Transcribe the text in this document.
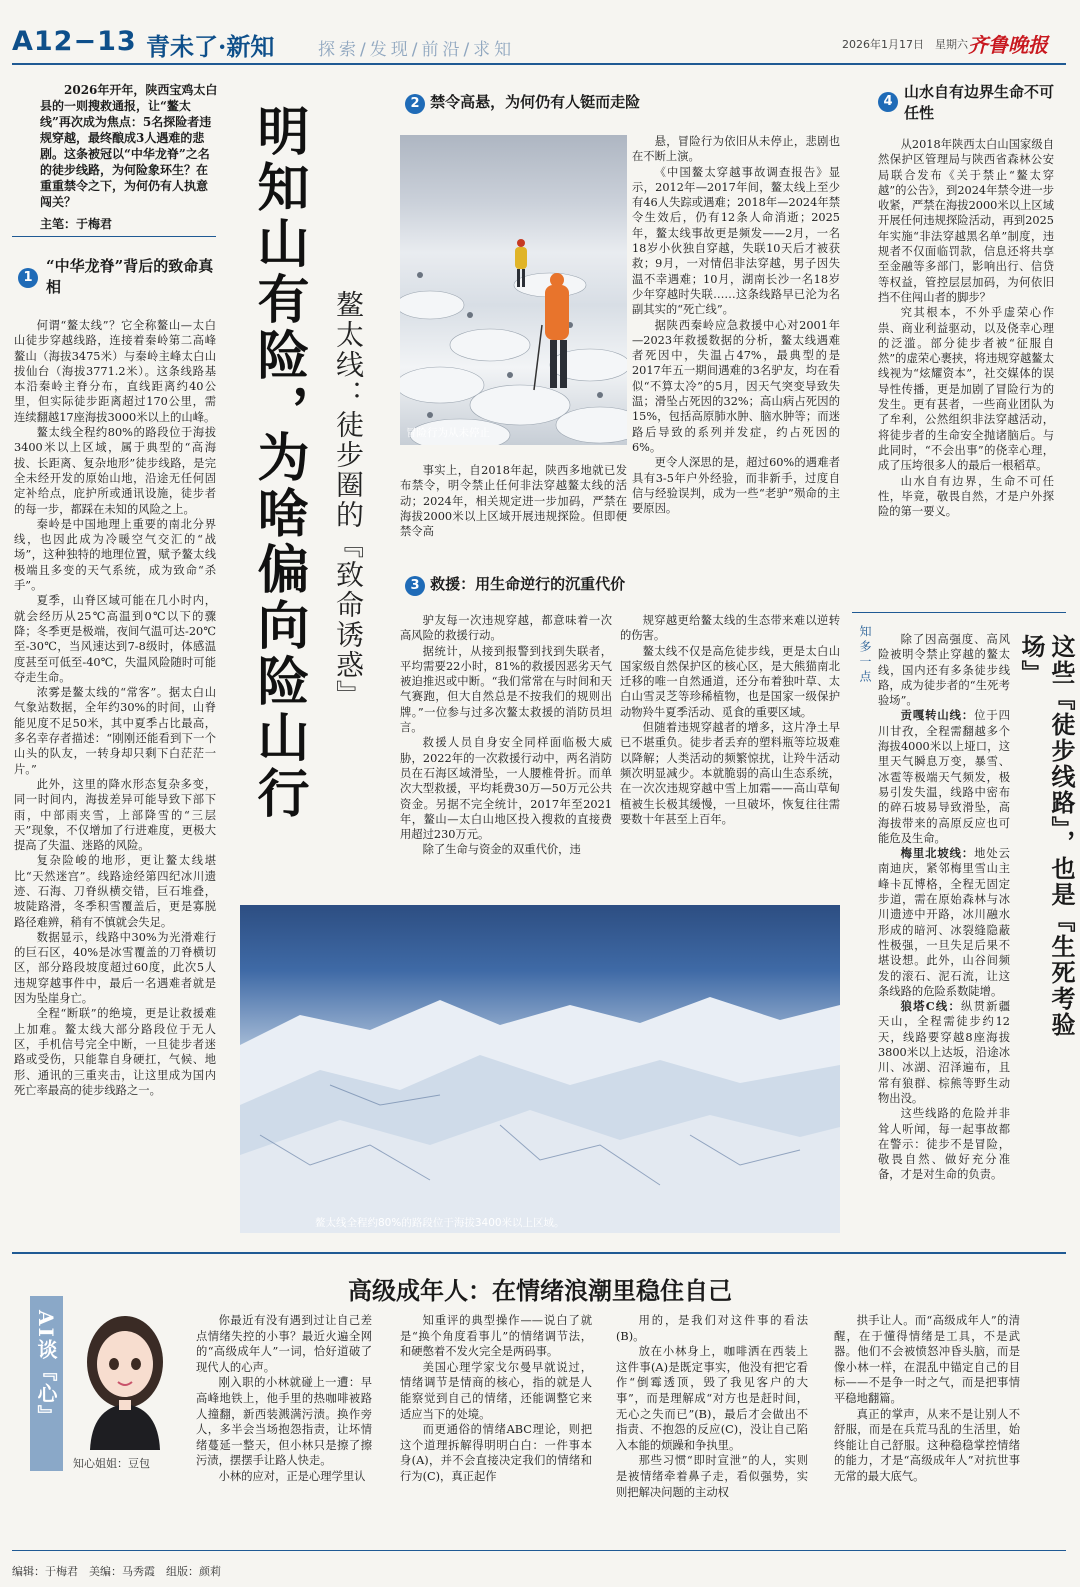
A12−13 青未了·新知	探索/发现/前沿/求知	2026年1月17日　星期六 齐鲁晚报

2026年开年，陕西宝鸡太白县的一则搜救通报，让“鳌太线”再次成为焦点：5名探险者违规穿越，最终酿成3人遇难的悲剧。这条被冠以“中华龙脊”之名的徒步线路，为何险象环生？在重重禁令之下，为何仍有人执意闯关？

主笔：于梅君
1
“中华龙脊”背后的致命真相

何谓“鳌太线”？它全称鳌山—太白山徒步穿越线路，连接着秦岭第二高峰鳌山（海拔3475米）与秦岭主峰太白山拔仙台（海拔3771.2米）。这条线路基本沿秦岭主脊分布，直线距离约40公里，但实际徒步距离超过170公里，需连续翻越17座海拔3000米以上的山峰。

鳌太线全程约80%的路段位于海拔3400米以上区域，属于典型的“高海拔、长距离、复杂地形”徒步线路，是完全未经开发的原始山地，沿途无任何固定补给点，庇护所或通讯设施，徒步者的每一步，都踩在未知的风险之上。

秦岭是中国地理上重要的南北分界线，也因此成为冷暖空气交汇的“战场”，这种独特的地理位置，赋予鳌太线极端且多变的天气系统，成为致命“杀手”。

夏季，山脊区域可能在几小时内，就会经历从25℃高温到0℃以下的骤降；冬季更是极端，夜间气温可达-20℃至-30℃，当风速达到7-8级时，体感温度甚至可低至-40℃，失温风险随时可能夺走生命。

浓雾是鳌太线的“常客”。据太白山气象站数据，全年约30%的时间，山脊能见度不足50米，其中夏季占比最高，多名幸存者描述：“刚刚还能看到下一个山头的队友，一转身却只剩下白茫茫一片。”

此外，这里的降水形态复杂多变，同一时间内，海拔差异可能导致下部下雨，中部雨夹雪，上部降雪的“三层天”现象，不仅增加了行进难度，更极大提高了失温、迷路的风险。

复杂险峻的地形，更让鳌太线堪比“天然迷宫”。线路途经第四纪冰川遗迹、石海、刀脊纵横交错，巨石堆叠，坡陡路滑，冬季积雪覆盖后，更是寡脱路径难辨，稍有不慎就会失足。

数据显示，线路中30%为光滑难行的巨石区，40%是冰雪覆盖的刀脊横切区，部分路段坡度超过60度，此次5人违规穿越事件中，最后一名遇难者就是因为坠崖身亡。

全程“断联”的绝境，更是让救援难上加难。鳌太线大部分路段位于无人区，手机信号完全中断，一旦徒步者迷路或受伤，只能靠自身硬扛，气候、地形、通讯的三重夹击，让这里成为国内死亡率最高的徒步线路之一。

明知山有险，
为啥偏向险山行 鳌太线：徒步圈的『致命诱惑』
2 禁令高悬，为何仍有人铤而走险
冒险行为从未停止

事实上，自2018年起，陕西多地就已发布禁令，明令禁止任何非法穿越鳌太线的活动；2024年，相关规定进一步加码，严禁在海拔2000米以上区域开展违规探险。但即便禁令高

悬，冒险行为依旧从未停止，悲剧也在不断上演。

《中国鳌太穿越事故调查报告》显示，2012年—2017年间，鳌太线上至少有46人失踪或遇难；2018年—2024年禁令生效后，仍有12条人命消逝；2025年，鳌太线事故更是频发——2月，一名18岁小伙独自穿越，失联10天后才被获救；9月，一对情侣非法穿越，男子因失温不幸遇难；10月，湖南长沙一名18岁少年穿越时失联……这条线路早已沦为名副其实的“死亡线”。

据陕西秦岭应急救援中心对2001年—2023年救援数据的分析，鳌太线遇难者死因中，失温占47%，最典型的是2017年五一期间遇难的3名驴友，均在看似“不算太冷”的5月，因天气突变导致失温；滑坠占死因的32%；高山病占死因的15%，包括高原肺水肿、脑水肿等；而迷路后导致的系列并发症，约占死因的6%。

更令人深思的是，超过60%的遇难者具有3-5年户外经验，而非新手，过度自信与经验误判，成为一些“老驴”殒命的主要原因。

3 救援：用生命逆行的沉重代价

驴友每一次违规穿越，都意味着一次高风险的救援行动。

据统计，从接到报警到找到失联者，平均需要22小时，81%的救援因恶劣天气被迫推迟或中断。“我们常常在与时间和天气赛跑，但大自然总是不按我们的规则出牌。”一位参与过多次鳌太救援的消防员坦言。

救援人员自身安全同样面临极大威胁，2022年的一次救援行动中，两名消防员在石海区域滑坠，一人腰椎骨折。而单次大型救援，平均耗费30万—50万元公共资金。另据不完全统计，2017年至2021年，鳌山—太白山地区投入搜救的直接费用超过230万元。

除了生命与资金的双重代价，违

规穿越更给鳌太线的生态带来难以逆转的伤害。

鳌太线不仅是高危徒步线，更是太白山国家级自然保护区的核心区，是大熊猫南北迁移的唯一自然通道，还分布着独叶草、太白山雪灵芝等珍稀植物，也是国家一级保护动物羚牛夏季活动、觅食的重要区域。

但随着违规穿越者的增多，这片净土早已不堪重负。徒步者丢弃的塑料瓶等垃圾难以降解；人类活动的频繁惊扰，让羚牛活动频次明显减少。本就脆弱的高山生态系统，在一次次违规穿越中雪上加霜——高山草甸植被生长极其缓慢，一旦破坏，恢复往往需要数十年甚至上百年。

鳌太线全程约80%的路段位于海拔3400米以上区域。
4
山水自有边界生命不可任性

从2018年陕西太白山国家级自然保护区管理局与陕西省森林公安局联合发布《关于禁止“鳌太穿越”的公告》，到2024年禁令进一步收紧，严禁在海拔2000米以上区域开展任何违规探险活动，再到2025年实施“非法穿越黑名单”制度，违规者不仅面临罚款，信息还将共享至金融等多部门，影响出行、信贷等权益，管控层层加码，为何依旧挡不住闯山者的脚步？

究其根本，不外乎虚荣心作祟、商业利益驱动，以及侥幸心理的泛滥。部分徒步者被“征服自然”的虚荣心裹挟，将违规穿越鳌太线视为“炫耀资本”，社交媒体的误导性传播，更是加剧了冒险行为的发生。更有甚者，一些商业团队为了牟利，公然组织非法穿越活动，将徒步者的生命安全抛诸脑后。与此同时，“不会出事”的侥幸心理，成了压垮很多人的最后一根稻草。

山水自有边界，生命不可任性，毕竟，敬畏自然，才是户外探险的第一要义。

知多一点	这些『徒步线路』，也是『生死考验场』

除了因高强度、高风险被明令禁止穿越的鳌太线，国内还有多条徒步线路，成为徒步者的“生死考验场”。

贡嘎转山线：位于四川甘孜，全程需翻越多个海拔4000米以上垭口，这里天气瞬息万变，暴雪、冰雹等极端天气频发，极易引发失温，线路中密布的碎石坡易导致滑坠，高海拔带来的高原反应也可能危及生命。

梅里北坡线：地处云南迪庆，紧邻梅里雪山主峰卡瓦博格，全程无固定步道，需在原始森林与冰川遗迹中开路，冰川融水形成的暗河、冰裂缝隐蔽性极强，一旦失足后果不堪设想。此外，山谷间频发的滚石、泥石流，让这条线路的危险系数陡增。

狼塔C线：纵贯新疆天山，全程需徒步约12天，线路要穿越8座海拔3800米以上达坂，沿途冰川、冰湖、沼泽遍布，且常有狼群、棕熊等野生动物出没。

这些线路的危险并非耸人听闻，每一起事故都在警示：徒步不是冒险，敬畏自然、做好充分准备，才是对生命的负责。

高级成年人：在情绪浪潮里稳住自己
AI谈『心』
知心姐姐：豆包

你最近有没有遇到过让自己差点情绪失控的小事？最近火遍全网的“高级成年人”一词，恰好道破了现代人的心声。

刚入职的小林就碰上一遭：早高峰地铁上，他手里的热咖啡被路人撞翻，新西装溅满污渍。换作旁人，多半会当场抱怨指责，让坏情绪蔓延一整天，但小林只是擦了擦污渍，摆摆手让路人快走。

小林的应对，正是心理学里认

知重评的典型操作——说白了就是“换个角度看事儿”的情绪调节法，和硬憋着不发火完全是两码事。

美国心理学家戈尔曼早就说过，情绪调节是情商的核心，指的就是人能察觉到自己的情绪，还能调整它来适应当下的处境。

而更通俗的情绪ABC理论，则把这个道理拆解得明明白白：一件事本身(A)，并不会直接决定我们的情绪和行为(C)，真正起作

用的，是我们对这件事的看法(B)。

放在小林身上，咖啡洒在西装上这件事(A)是既定事实，他没有把它看作“倒霉透顶，毁了我见客户的大事”，而是理解成“对方也是赶时间，无心之失而已”(B)，最后才会做出不指责、不抱怨的反应(C)，没让自己陷入本能的烦躁和争执里。

那些习惯“即时宣泄”的人，实则是被情绪牵着鼻子走，看似强势，实则把解决问题的主动权

拱手让人。而“高级成年人”的清醒，在于懂得情绪是工具，不是武器。他们不会被愤怒冲昏头脑，而是像小林一样，在混乱中锚定自己的目标——不是争一时之气，而是把事情平稳地翻篇。

真正的掌声，从来不是让别人不舒服，而是在兵荒马乱的生活里，始终能让自己舒服。这种稳稳掌控情绪的能力，才是“高级成年人”对抗世事无常的最大底气。

编辑：于梅君　美编：马秀霞　组版：颜莉
